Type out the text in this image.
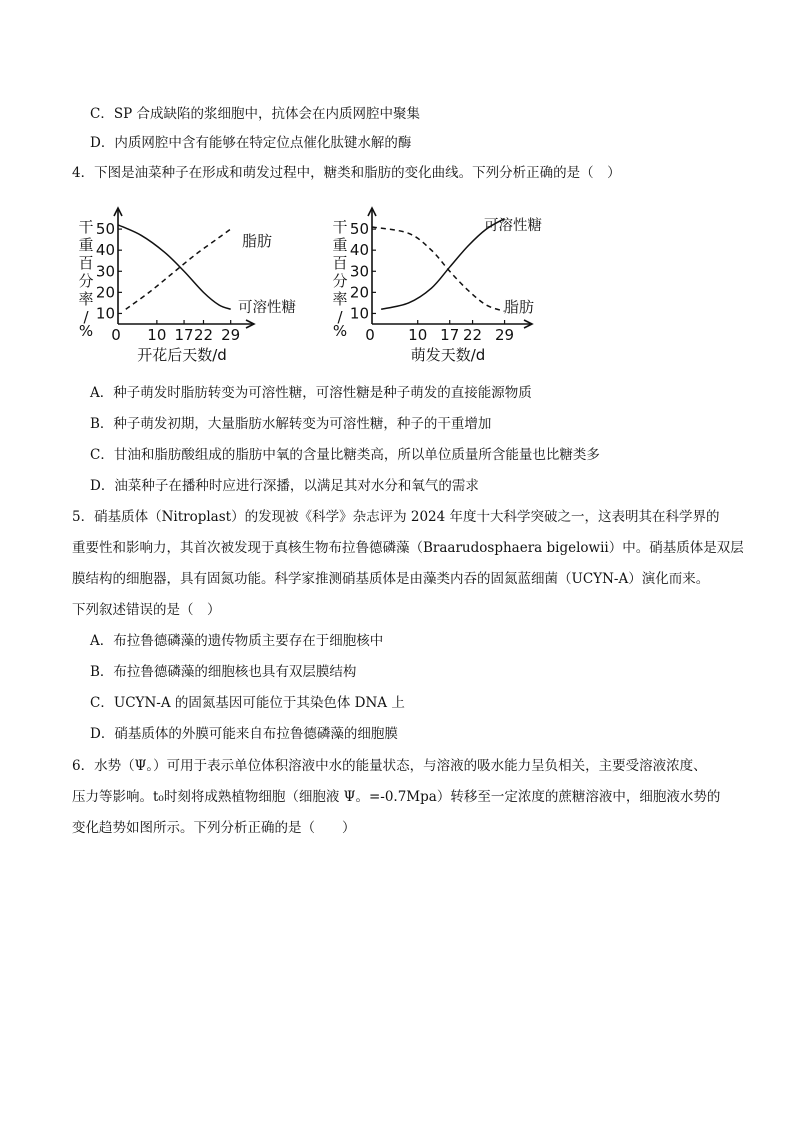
C．SP 合成缺陷的浆细胞中，抗体会在内质网腔中聚集
D．内质网腔中含有能够在特定位点催化肽键水解的酶
4．下图是油菜种子在形成和萌发过程中，糖类和脂肪的变化曲线。下列分析正确的是（　）
10
20
30
40
50
0 10 17 22 29
干重百分率/ %
开花后天数/d
脂肪
可溶性糖	10
20
30
40
50
0 10 17 22 29
干重百分率/ %
萌发天数/d
可溶性糖
脂肪
A．种子萌发时脂肪转变为可溶性糖，可溶性糖是种子萌发的直接能源物质
B．种子萌发初期，大量脂肪水解转变为可溶性糖，种子的干重增加
C．甘油和脂肪酸组成的脂肪中氧的含量比糖类高，所以单位质量所含能量也比糖类多
D．油菜种子在播种时应进行深播，以满足其对水分和氧气的需求
5．硝基质体（Nitroplast）的发现被《科学》杂志评为 2024 年度十大科学突破之一，这表明其在科学界的
重要性和影响力，其首次被发现于真核生物布拉鲁德磷藻（Braarudosphaera bigelowii）中。硝基质体是双层
膜结构的细胞器，具有固氮功能。科学家推测硝基质体是由藻类内吞的固氮蓝细菌（UCYN-A）演化而来。
下列叙述错误的是（　）
A．布拉鲁德磷藻的遗传物质主要存在于细胞核中
B．布拉鲁德磷藻的细胞核也具有双层膜结构
C．UCYN-A 的固氮基因可能位于其染色体 DNA 上
D．硝基质体的外膜可能来自布拉鲁德磷藻的细胞膜
6．水势（Ψ。）可用于表示单位体积溶液中水的能量状态，与溶液的吸水能力呈负相关，主要受溶液浓度、
压力等影响。t₀时刻将成熟植物细胞（细胞液 Ψ。=-0.7Mpa）转移至一定浓度的蔗糖溶液中，细胞液水势的
变化趋势如图所示。下列分析正确的是（　　）
